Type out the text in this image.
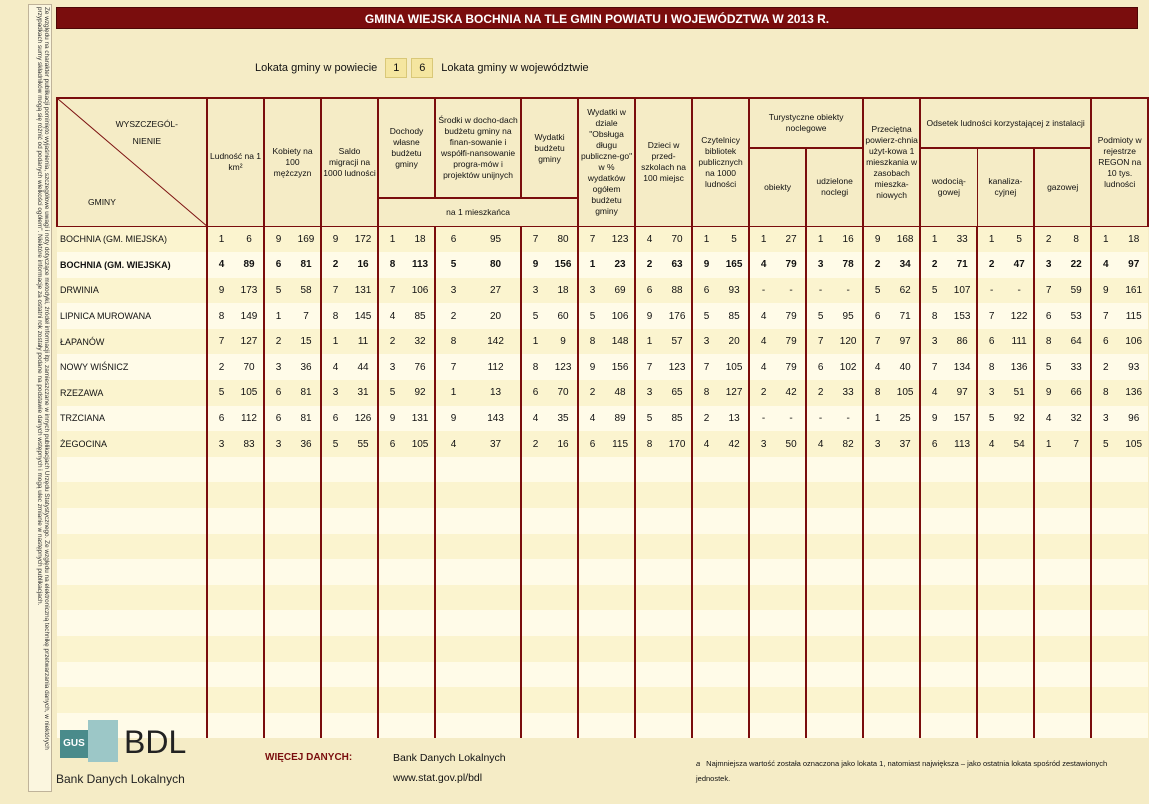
Ze względu na charakter publikacji pominięto wyjaśnienia, szczegółowe uwagi i noty dotyczące metodyki, źródeł informacji itp. zamieszczane w innych publikacjach Urzędu Statystycznego. Ze względu na elektroniczną technikę przetwarzania danych, w niektórych przypadkach sumy składników mogą się różnić od podanych wielkości ogółem". Niektóre informacje za ostatni rok zostały podane na podstawie danych wstępnych i mogą ulec zmianie w następnych publikacjach.	GMINA WIEJSKA BOCHNIA NA TLE GMIN POWIATU I WOJEWÓDZTWA W 2013 R.
Lokata gminy w powiecie	1	6	Lokata gminy w województwie
WYSZCZEGÓL-
NIENIE
GMINY	Ludność na 1 km²		Kobiety na 100 mężczyzn		Saldo migracji na 1000 ludności		Dochody własne budżetu gminy		Środki w docho-dach budżetu gminy na finan-sowanie i współfi-nansowanie progra-mów i projektów unijnych		Wydatki budżetu gminy		Wydatki w dziale "Obsługa długu publiczne-go" w % wydatków ogółem budżetu gminy		Dzieci w przed-szkolach na 100 miejsc		Czytelnicy bibliotek publicznych na 1000 ludności		Turystyczne obiekty noclegowe				Przeciętna powierz-chnia użyt-kowa 1 mieszkania w zasobach mieszka-niowych		Odsetek ludności korzystającej z instalacji						Podmioty w rejestrze REGON na 10 tys. ludności	
																			obiekty		udzielone noclegi				wodocią-gowej		kanaliza-cyjnej		gazowej			
							na 1 mieszkańca																									
BOCHNIA (GM. MIEJSKA)	1	6	9	169	9	172	1	18	6	95	7	80	7	123	4	70	1	5	1	27	1	16	9	168	1	33	1	5	2	8	1	18
BOCHNIA (GM. WIEJSKA)	4	89	6	81	2	16	8	113	5	80	9	156	1	23	2	63	9	165	4	79	3	78	2	34	2	71	2	47	3	22	4	97
DRWINIA	9	173	5	58	7	131	7	106	3	27	3	18	3	69	6	88	6	93	-	-	-	-	5	62	5	107	-	-	7	59	9	161
LIPNICA MUROWANA	8	149	1	7	8	145	4	85	2	20	5	60	5	106	9	176	5	85	4	79	5	95	6	71	8	153	7	122	6	53	7	115
ŁAPANÓW	7	127	2	15	1	11	2	32	8	142	1	9	8	148	1	57	3	20	4	79	7	120	7	97	3	86	6	111	8	64	6	106
NOWY WIŚNICZ	2	70	3	36	4	44	3	76	7	112	8	123	9	156	7	123	7	105	4	79	6	102	4	40	7	134	8	136	5	33	2	93
RZEZAWA	5	105	6	81	3	31	5	92	1	13	6	70	2	48	3	65	8	127	2	42	2	33	8	105	4	97	3	51	9	66	8	136
TRZCIANA	6	112	6	81	6	126	9	131	9	143	4	35	4	89	5	85	2	13	-	-	-	-	1	25	9	157	5	92	4	32	3	96
ŻEGOCINA	3	83	3	36	5	55	6	105	4	37	2	16	6	115	8	170	4	42	3	50	4	82	3	37	6	113	4	54	1	7	5	105

GUS BDL
Bank Danych Lokalnych
WIĘCEJ DANYCH:	Bank Danych Lokalnych
www.stat.gov.pl/bdl
a Najmniejsza wartość została oznaczona jako lokata 1, natomiast największa – jako ostatnia lokata spośród zestawionych jednostek.
